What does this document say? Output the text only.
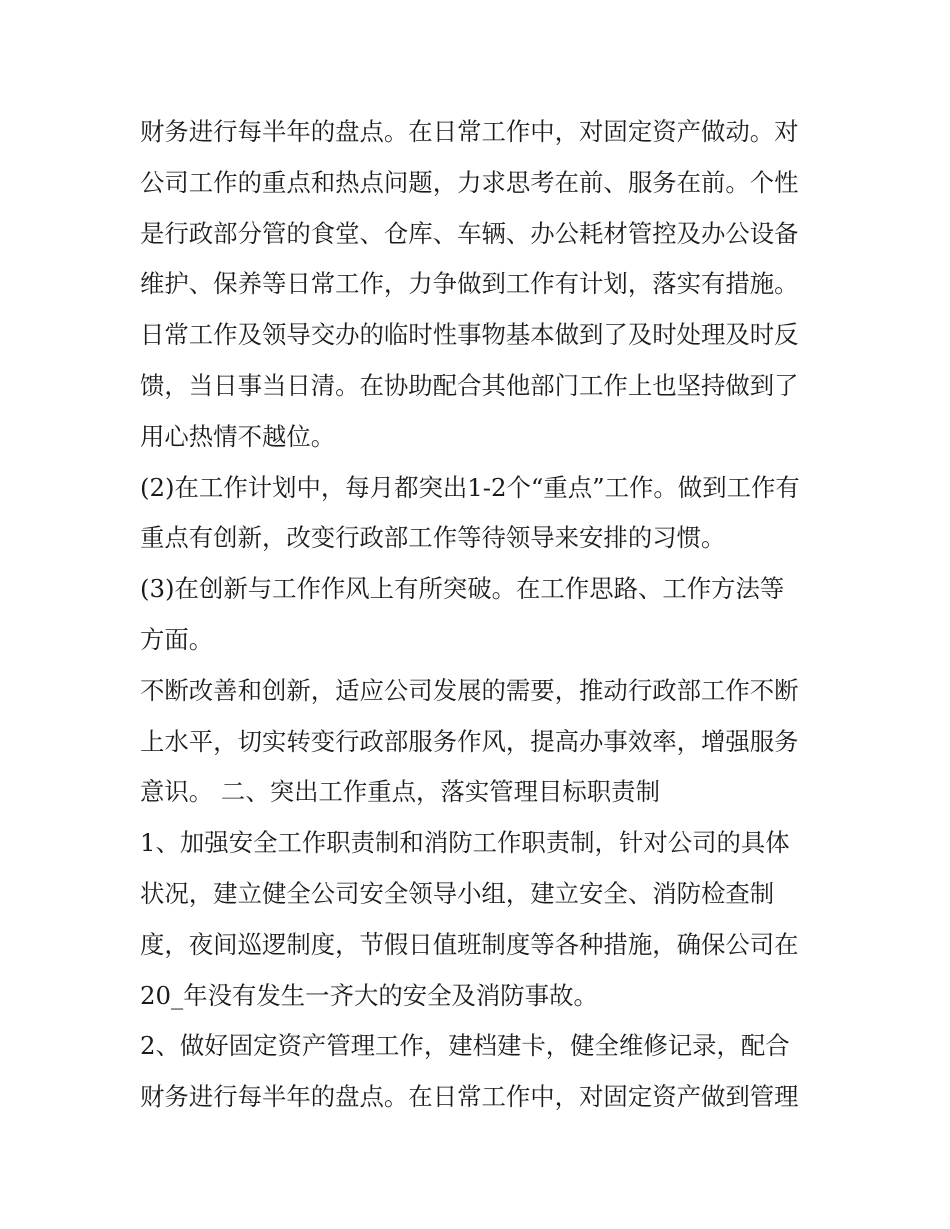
财务进行每半年的盘点。在日常工作中，对固定资产做动。对
公司工作的重点和热点问题，力求思考在前、服务在前。个性
是行政部分管的食堂、仓库、车辆、办公耗材管控及办公设备
维护、保养等日常工作，力争做到工作有计划，落实有措施。
日常工作及领导交办的临时性事物基本做到了及时处理及时反
馈，当日事当日清。在协助配合其他部门工作上也坚持做到了
用心热情不越位。
(2)在工作计划中，每月都突出1-2个“重点”工作。做到工作有
重点有创新，改变行政部工作等待领导来安排的习惯。
(3)在创新与工作作风上有所突破。在工作思路、工作方法等
方面。
不断改善和创新，适应公司发展的需要，推动行政部工作不断
上水平，切实转变行政部服务作风，提高办事效率，增强服务
意识。 二、突出工作重点，落实管理目标职责制
1、加强安全工作职责制和消防工作职责制，针对公司的具体
状况，建立健全公司安全领导小组，建立安全、消防检查制
度，夜间巡逻制度，节假日值班制度等各种措施，确保公司在
20_年没有发生一齐大的安全及消防事故。
2、做好固定资产管理工作，建档建卡，健全维修记录，配合
财务进行每半年的盘点。在日常工作中，对固定资产做到管理
